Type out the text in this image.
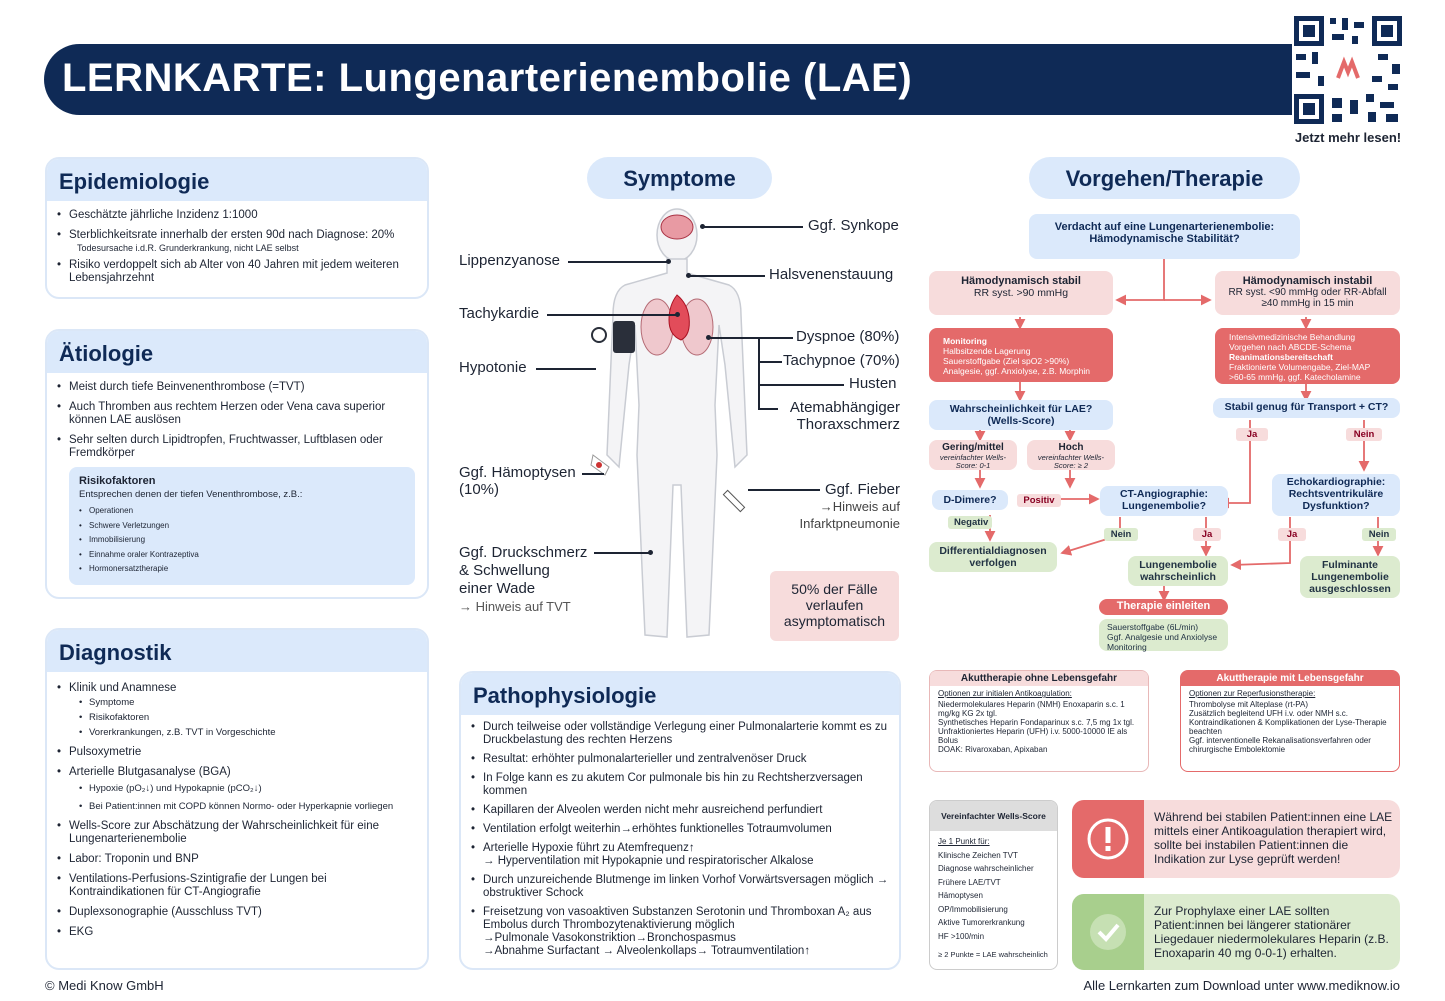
LERNKARTE: Lungenarterienembolie (LAE)
Jetzt mehr lesen!
Epidemiologie
• Geschätzte jährliche Inzidenz 1:1000
• Sterblichkeitsrate innerhalb der ersten 90d nach Diagnose: 20%
Todesursache i.d.R. Grunderkrankung, nicht LAE selbst
• Risiko verdoppelt sich ab Alter von 40 Jahren mit jedem weiteren Lebensjahrzehnt
Ätiologie
• Meist durch tiefe Beinvenenthrombose (=TVT)
• Auch Thromben aus rechtem Herzen oder Vena cava superior können LAE auslösen
• Sehr selten durch Lipidtropfen, Fruchtwasser, Luftblasen oder Fremdkörper
Risikofaktoren

Entsprechen denen der tiefen Venenthrombose, z.B.:

• Operationen
• Schwere Verletzungen
• Immobilisierung
• Einnahme oraler Kontrazeptiva
• Hormonersatztherapie
Diagnostik
• Klinik und Anamnese
• Symptome
• Risikofaktoren
• Vorerkrankungen, z.B. TVT in Vorgeschichte
• Pulsoxymetrie
• Arterielle Blutgasanalyse (BGA)
• Hypoxie (pO₂↓) und Hypokapnie (pCO₂↓)
• Bei Patient:innen mit COPD können Normo- oder Hyperkapnie vorliegen
• Wells-Score zur Abschätzung der Wahrscheinlichkeit für eine Lungenarterienembolie
• Labor: Troponin und BNP
• Ventilations-Perfusions-Szintigrafie der Lungen bei Kontraindikationen für CT-Angiografie
• Duplexsonographie (Ausschluss TVT)
• EKG
Symptome
Ggf. Synkope
Lippenzyanose
Halsvenenstauung
Tachykardie
Dyspnoe (80%)
Tachypnoe (70%)
Husten
Atemabhängiger
Thoraxschmerz
Hypotonie
Ggf. Hämoptysen
(10%)	Ggf. Fieber
→Hinweis auf
Infarktpneumonie
Ggf. Druckschmerz
& Schwellung
einer Wade
→ Hinweis auf TVT
50% der Fälle verlaufen asymptomatisch
Pathophysiologie
• Durch teilweise oder vollständige Verlegung einer Pulmonalarterie kommt es zu Druckbelastung des rechten Herzens
• Resultat: erhöhter pulmonalarterieller und zentralvenöser Druck
• In Folge kann es zu akutem Cor pulmonale bis hin zu Rechtsherzversagen kommen
• Kapillaren der Alveolen werden nicht mehr ausreichend perfundiert
• Ventilation erfolgt weiterhin→erhöhtes funktionelles Totraumvolumen
• Arterielle Hypoxie führt zu Atemfrequenz↑
→ Hyperventilation mit Hypokapnie und respiratorischer Alkalose
• Durch unzureichende Blutmenge im linken Vorhof Vorwärtsversagen möglich → obstruktiver Schock
• Freisetzung von vasoaktiven Substanzen Serotonin und Thromboxan A₂ aus Embolus durch Thrombozytenaktivierung möglich
→Pulmonale Vasokonstriktion→Bronchospasmus
→Abnahme Surfactant → Alveolenkollaps→ Totraumventilation↑
Vorgehen/Therapie
Verdacht auf eine Lungenarterienembolie: Hämodynamische Stabilität?
Hämodynamisch stabil
RR syst. >90 mmHg
Hämodynamisch instabil
RR syst. <90 mmHg oder RR-Abfall ≥40 mmHg in 15 min
Monitoring
Halbsitzende Lagerung
Sauerstoffgabe (Ziel spO2 >90%)
Analgesie, ggf. Anxiolyse, z.B. Morphin
Intensivmedizinische Behandlung
Vorgehen nach ABCDE-Schema
Reanimationsbereitschaft
Fraktionierte Volumengabe, Ziel-MAP >60-65 mmHg, ggf. Katecholamine
Wahrscheinlichkeit für LAE? (Wells-Score)
Stabil genug für Transport + CT?
Ja	Nein
Gering/mittel
vereinfachter Wells-Score: 0-1
Hoch
vereinfachter Wells-Score: ≥ 2
D-Dimere?	Positiv
Negativ
CT-Angiographie: Lungenembolie?
Echokardiographie: Rechtsventrikuläre Dysfunktion?
Nein	Ja	Ja	Nein
Differentialdiagnosen verfolgen	Lungenembolie wahrscheinlich
Fulminante Lungenembolie ausgeschlossen
Therapie einleiten
Sauerstoffgabe (6L/min)
Ggf. Analgesie und Anxiolyse
Monitoring
Akuttherapie ohne Lebensgefahr
Optionen zur initialen Antikoagulation:
Niedermolekulares Heparin (NMH) Enoxaparin s.c. 1 mg/kg KG 2x tgl.
Synthetisches Heparin Fondaparinux s.c. 7,5 mg 1x tgl.
Unfraktioniertes Heparin (UFH) i.v. 5000-10000 IE als Bolus
DOAK: Rivaroxaban, Apixaban
Akuttherapie mit Lebensgefahr
Optionen zur Reperfusionstherapie:
Thrombolyse mit Alteplase (rt-PA)
Zusätzlich begleitend UFH i.v. oder NMH s.c.
Kontraindikationen & Komplikationen der Lyse-Therapie beachten
Ggf. interventionelle Rekanalisationsverfahren oder chirurgische Embolektomie
Vereinfachter Wells-Score
Je 1 Punkt für:
Klinische Zeichen TVT
Diagnose wahrscheinlicher
Frühere LAE/TVT
Hämoptysen
OP/Immobilisierung
Aktive Tumorerkrankung
HF >100/min
≥ 2 Punkte = LAE wahrscheinlich
Während bei stabilen Patient:innen eine LAE mittels einer Antikoagulation therapiert wird, sollte bei instabilen Patient:innen die Indikation zur Lyse geprüft werden!
Zur Prophylaxe einer LAE sollten Patient:innen bei längerer stationärer Liegedauer niedermolekulares Heparin (z.B. Enoxaparin 40 mg 0-0-1) erhalten.
© Medi Know GmbH	Alle Lernkarten zum Download unter www.mediknow.io
